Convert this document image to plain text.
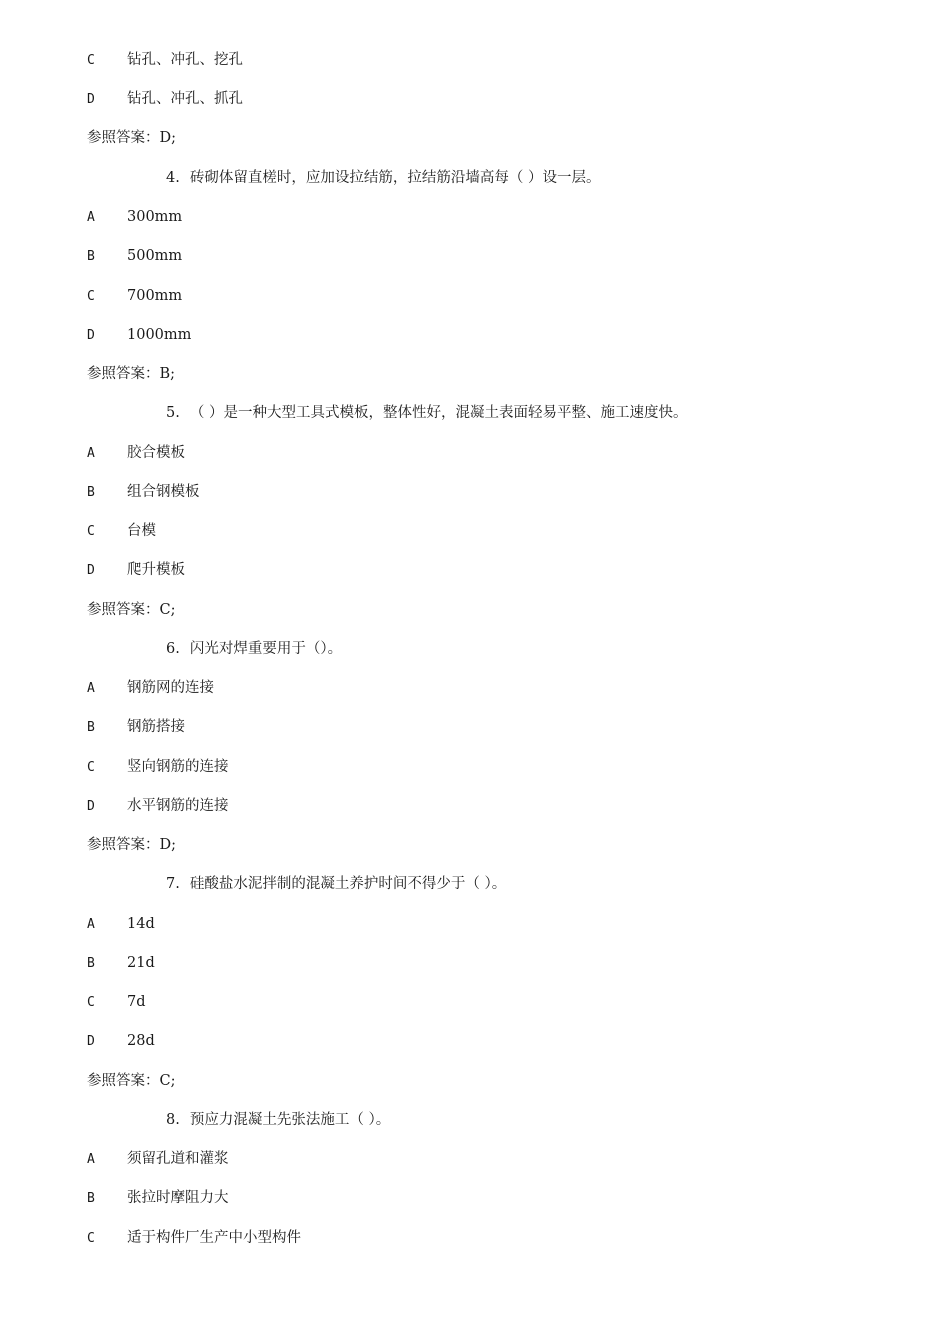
C 钻孔、冲孔、挖孔
D 钻孔、冲孔、抓孔
参照答案：D;
4. 砖砌体留直槎时，应加设拉结筋，拉结筋沿墙高每（ ）设一层。
A 300mm
B 500mm
C 700mm
D 1000mm
参照答案：B;
5. （ ）是一种大型工具式模板，整体性好，混凝土表面轻易平整、施工速度快。
A 胶合模板
B 组合钢模板
C 台模
D 爬升模板
参照答案：C;
6. 闪光对焊重要用于（）。
A 钢筋网的连接
B 钢筋搭接
C 竖向钢筋的连接
D 水平钢筋的连接
参照答案：D;
7. 硅酸盐水泥拌制的混凝土养护时间不得少于（ ）。
A 14d
B 21d
C 7d
D 28d
参照答案：C;
8. 预应力混凝土先张法施工（ ）。
A 须留孔道和灌浆
B 张拉时摩阻力大
C 适于构件厂生产中小型构件
